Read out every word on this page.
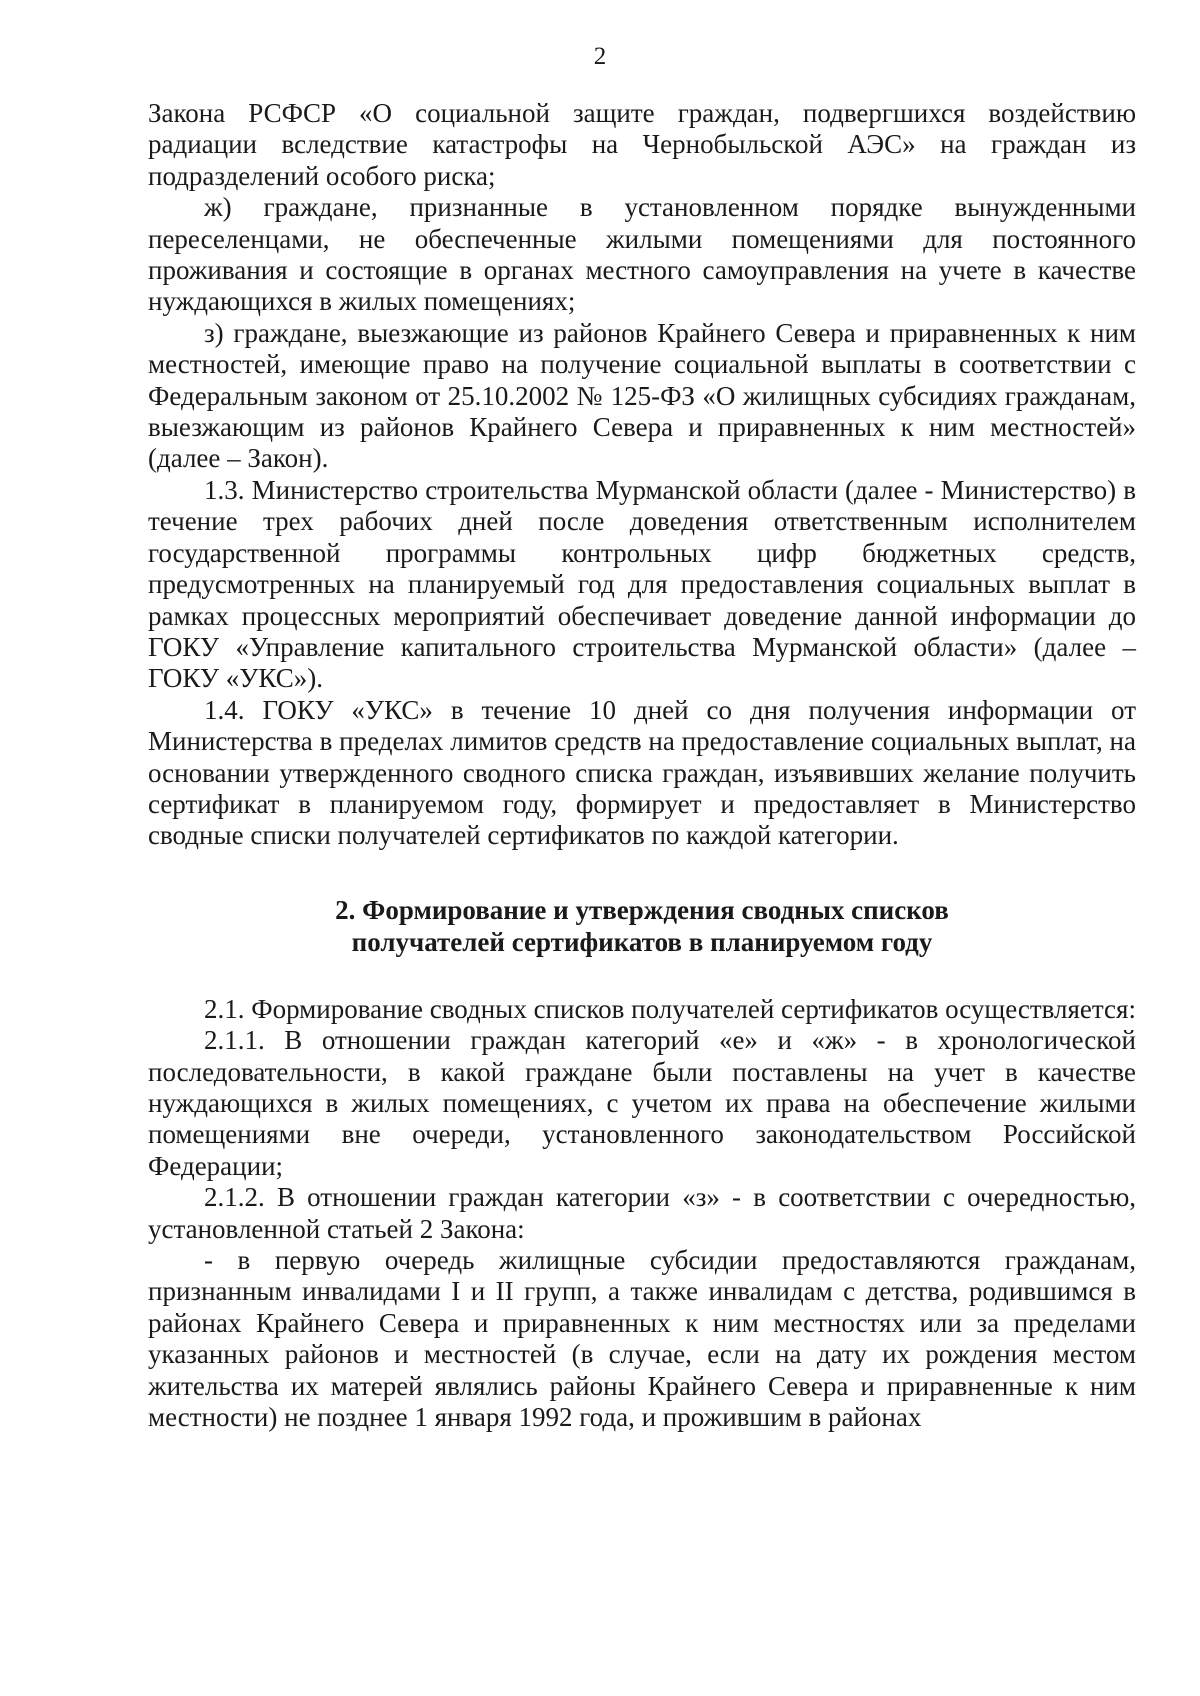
2

Закона РСФСР «О социальной защите граждан, подвергшихся воздействию радиации вследствие катастрофы на Чернобыльской АЭС» на граждан из подразделений особого риска;

ж) граждане, признанные в установленном порядке вынужденными переселенцами, не обеспеченные жилыми помещениями для постоянного проживания и состоящие в органах местного самоуправления на учете в качестве нуждающихся в жилых помещениях;

з) граждане, выезжающие из районов Крайнего Севера и приравненных к ним местностей, имеющие право на получение социальной выплаты в соответствии с Федеральным законом от 25.10.2002 № 125-ФЗ «О жилищных субсидиях гражданам, выезжающим из районов Крайнего Севера и приравненных к ним местностей» (далее – Закон).

1.3. Министерство строительства Мурманской области (далее - Министерство) в течение трех рабочих дней после доведения ответственным исполнителем государственной программы контрольных цифр бюджетных средств, предусмотренных на планируемый год для предоставления социальных выплат в рамках процессных мероприятий обеспечивает доведение данной информации до ГОКУ «Управление капитального строительства Мурманской области» (далее – ГОКУ «УКС»).

1.4. ГОКУ «УКС» в течение 10 дней со дня получения информации от Министерства в пределах лимитов средств на предоставление социальных выплат, на основании утвержденного сводного списка граждан, изъявивших желание получить сертификат в планируемом году, формирует и предоставляет в Министерство сводные списки получателей сертификатов по каждой категории.

2. Формирование и утверждения сводных списков
получателей сертификатов в планируемом году

2.1. Формирование сводных списков получателей сертификатов осуществляется:

2.1.1. В отношении граждан категорий «е» и «ж» - в хронологической последовательности, в какой граждане были поставлены на учет в качестве нуждающихся в жилых помещениях, с учетом их права на обеспечение жилыми помещениями вне очереди, установленного законодательством Российской Федерации;

2.1.2. В отношении граждан категории «з» - в соответствии с очередностью, установленной статьей 2 Закона:

- в первую очередь жилищные субсидии предоставляются гражданам, признанным инвалидами I и II групп, а также инвалидам с детства, родившимся в районах Крайнего Севера и приравненных к ним местностях или за пределами указанных районов и местностей (в случае, если на дату их рождения местом жительства их матерей являлись районы Крайнего Севера и приравненные к ним местности) не позднее 1 января 1992 года, и прожившим в районах
